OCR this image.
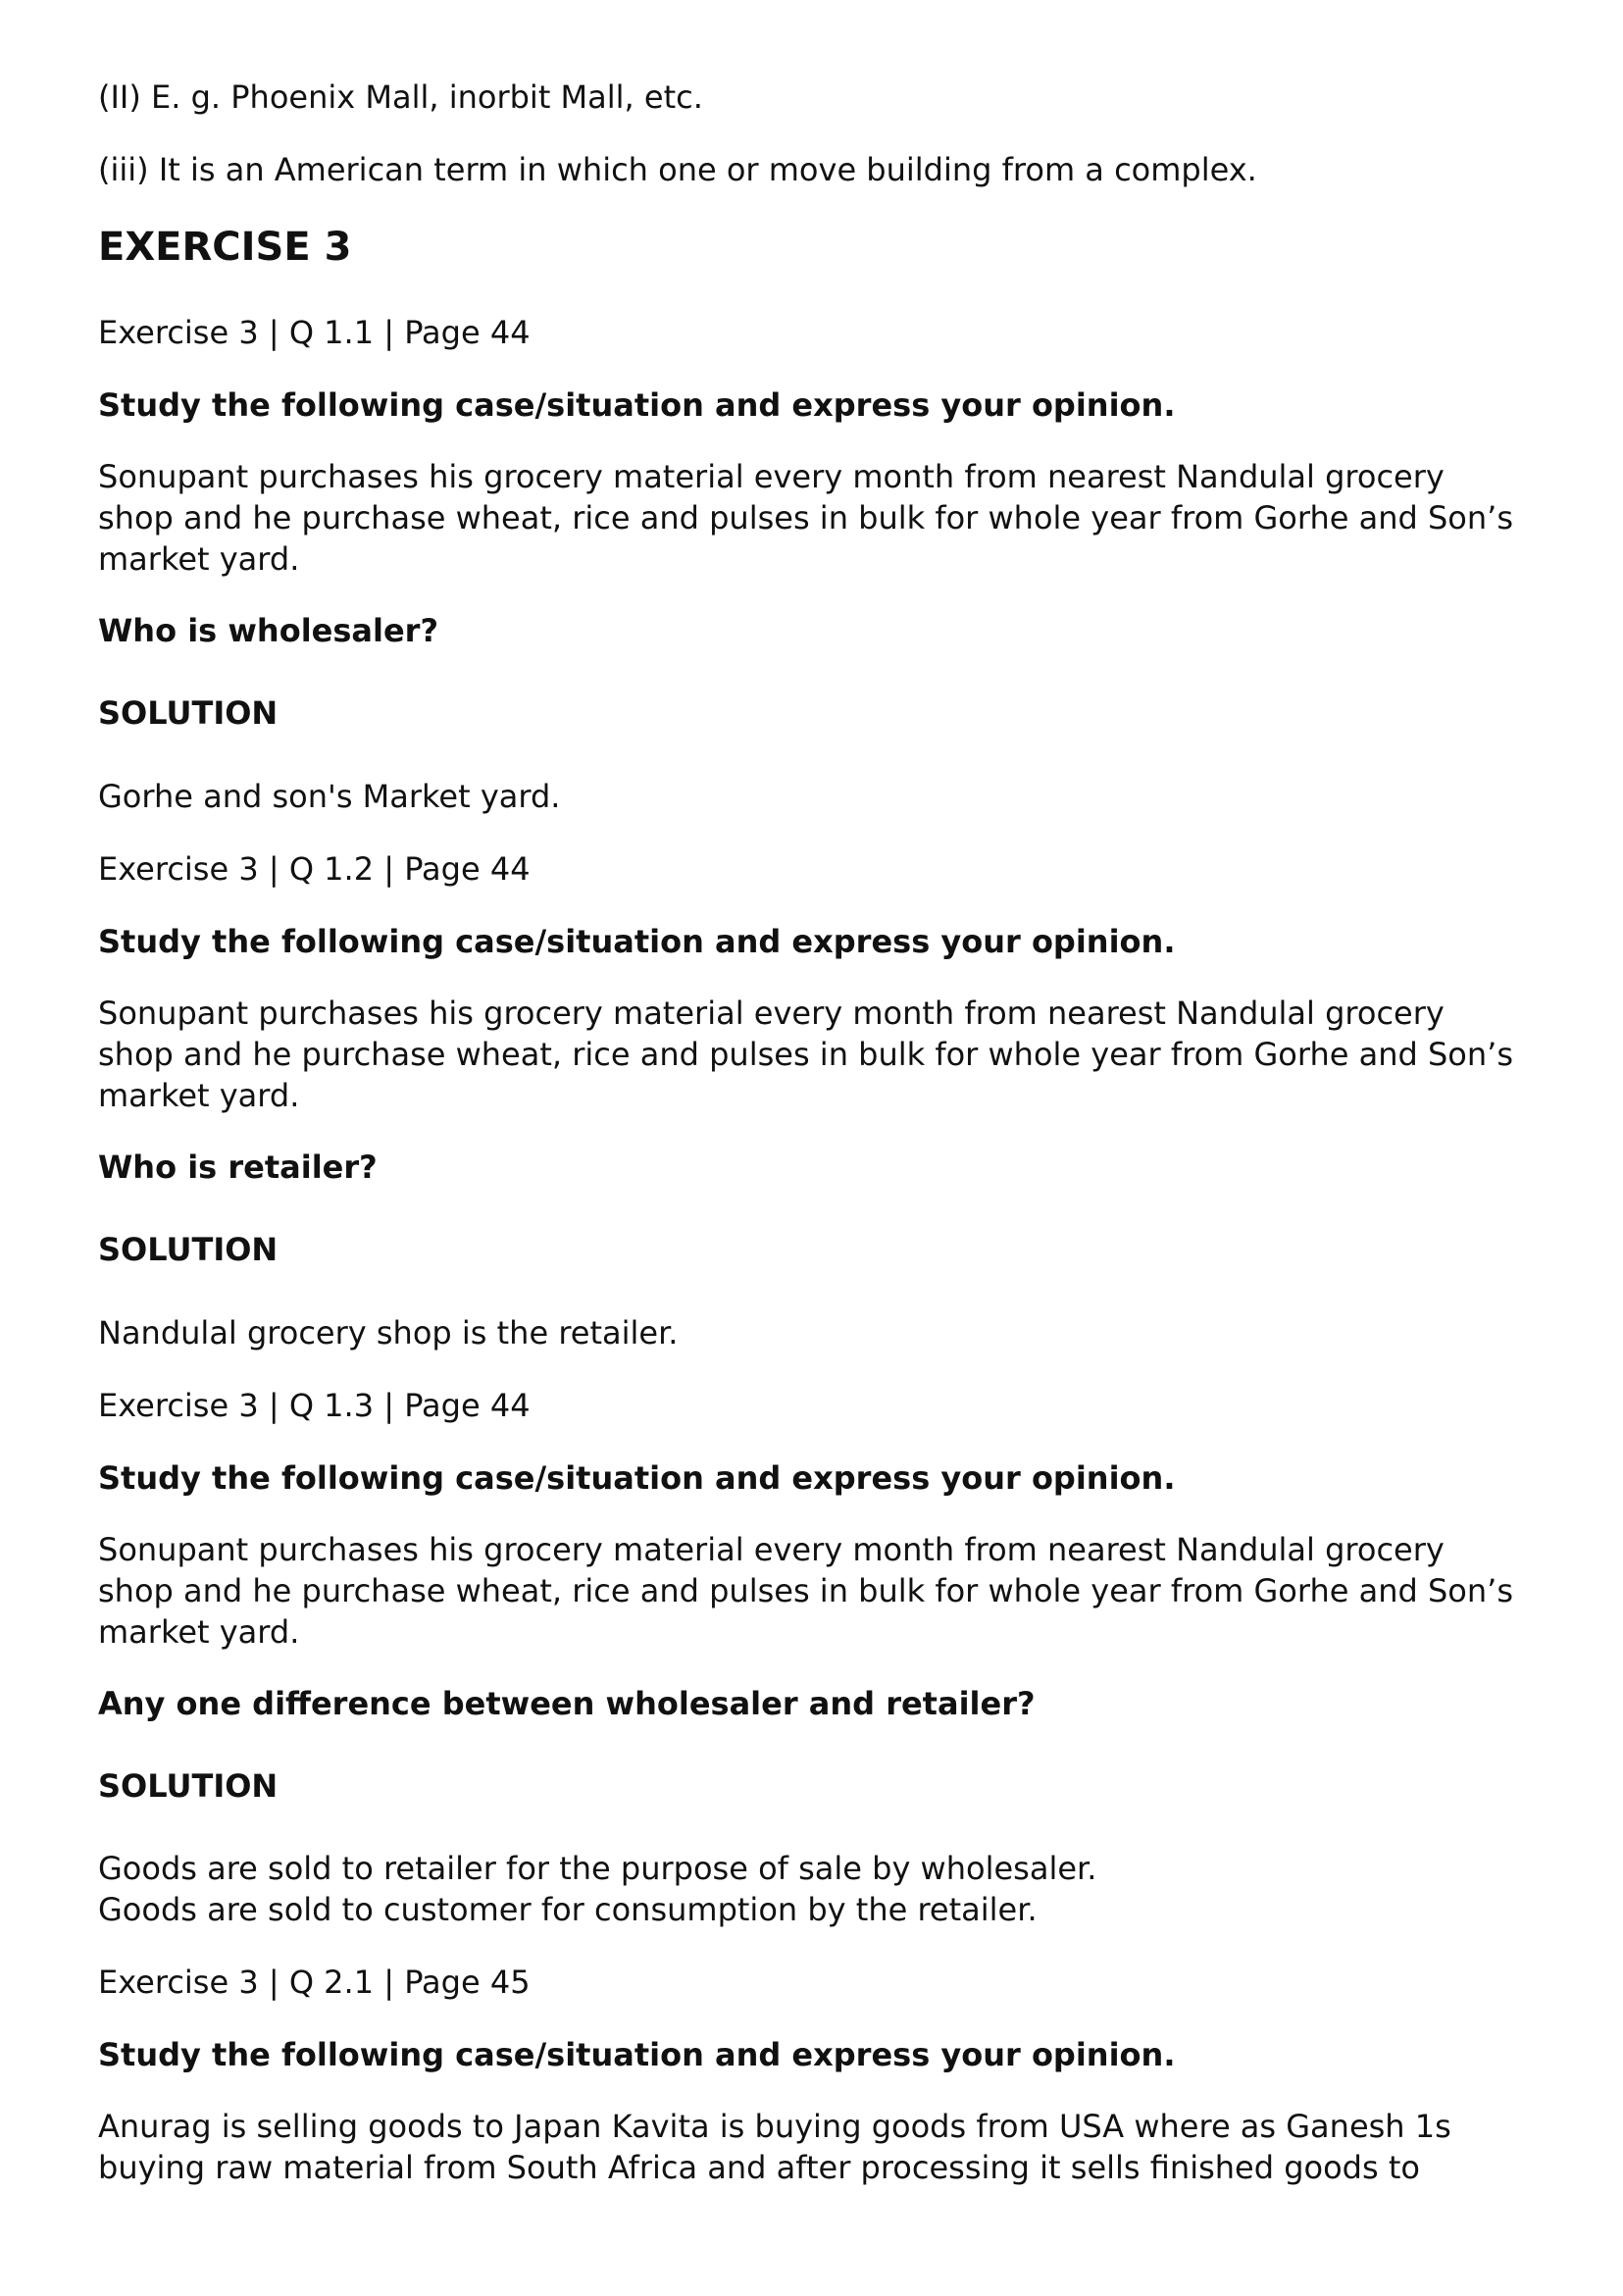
(II) E. g. Phoenix Mall, inorbit Mall, etc.

(iii) It is an American term in which one or move building from a complex.

EXERCISE 3

Exercise 3 | Q 1.1 | Page 44

Study the following case/situation and express your opinion.

Sonupant purchases his grocery material every month from nearest Nandulal grocery
shop and he purchase wheat, rice and pulses in bulk for whole year from Gorhe and Son’s
market yard.

Who is wholesaler?

SOLUTION

Gorhe and son's Market yard.

Exercise 3 | Q 1.2 | Page 44

Study the following case/situation and express your opinion.

Sonupant purchases his grocery material every month from nearest Nandulal grocery
shop and he purchase wheat, rice and pulses in bulk for whole year from Gorhe and Son’s
market yard.

Who is retailer?

SOLUTION

Nandulal grocery shop is the retailer.

Exercise 3 | Q 1.3 | Page 44

Study the following case/situation and express your opinion.

Sonupant purchases his grocery material every month from nearest Nandulal grocery
shop and he purchase wheat, rice and pulses in bulk for whole year from Gorhe and Son’s
market yard.

Any one difference between wholesaler and retailer?

SOLUTION

Goods are sold to retailer for the purpose of sale by wholesaler.
Goods are sold to customer for consumption by the retailer.

Exercise 3 | Q 2.1 | Page 45

Study the following case/situation and express your opinion.

Anurag is selling goods to Japan Kavita is buying goods from USA where as Ganesh 1s
buying raw material from South Africa and after processing it sells finished goods to
